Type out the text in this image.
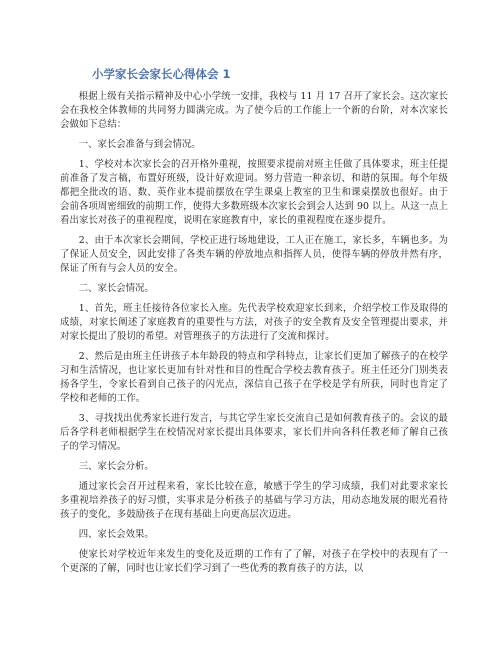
小学家长会家长心得体会 1

根据上级有关指示精神及中心小学统一安排，我校与 11 月 17 召开了家长会。这次家长会在我校全体教师的共同努力圆满完成。为了使今后的工作能上一个新的台阶，对本次家长会做如下总结：

一、家长会准备与到会情况。

1、学校对本次家长会的召开格外重视，按照要求提前对班主任做了具体要求，班主任提前准备了发言稿，布置好班级，设计好欢迎词。努力营造一种亲切、和谐的氛围。每个年级都把全批改的语、数、英作业本提前摆放在学生课桌上教室的卫生和课桌摆放也很好。由于会前各项周密细致的前期工作，使得大多数班级本次家长会到会人达到 90 以上。从这一点上看出家长对孩子的重视程度，说明在家庭教育中，家长的重视程度在逐步提升。

2、由于本次家长会期间，学校正进行场地建设，工人正在施工，家长多，车辆也多。为了保证人员安全，因此安排了各类车辆的停放地点和指挥人员，使得车辆的停放井然有序，保证了所有与会人员的安全。

二、家长会情况。

1、首先，班主任接待各位家长入座。先代表学校欢迎家长到来，介绍学校工作及取得的成绩，对家长阐述了家庭教育的重要性与方法，对孩子的安全教育及安全管理提出要求，并对家长提出了殷切的希望。对管理孩子的方法进行了交流和探讨。

2、然后是由班主任讲孩子本年龄段的特点和学科特点，让家长们更加了解孩子的在校学习和生活情况，也让家长更加有针对性和目的性配合学校去教育孩子。班主任还分门别类表扬各学生，令家长看到自己孩子的闪光点，深信自己孩子在学校是学有所获，同时也肯定了学校和老师的工作。

3、寻找找出优秀家长进行发言，与其它学生家长交流自己是如何教育孩子的。会议的最后各学科老师根据学生在校情况对家长提出具体要求，家长们并向各科任教老师了解自己孩子的学习情况。

三、家长会分析。

通过家长会召开过程来看，家长比较在意，敏感于学生的学习成绩，我们对此要求家长多重视培养孩子的好习惯，实事求是分析孩子的基础与学习方法，用动态地发展的眼光看待孩子的变化，多鼓励孩子在现有基础上向更高层次迈进。

四、家长会效果。

使家长对学校近年来发生的变化及近期的工作有了了解，对孩子在学校中的表现有了一个更深的了解，同时也让家长们学习到了一些优秀的教育孩子的方法，以
